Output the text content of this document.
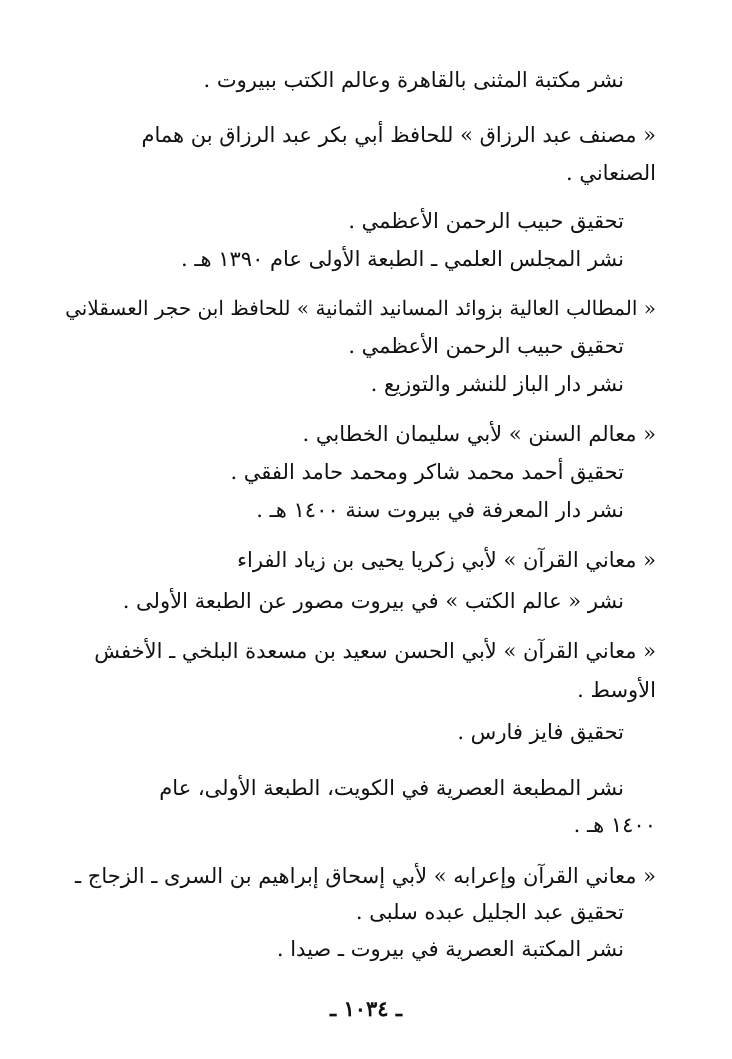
نشر مكتبة المثنى بالقاهرة وعالم الكتب ببيروت .
« مصنف عبد الرزاق » للحافظ أبي بكر عبد الرزاق بن همام
الصنعاني .
تحقيق حبيب الرحمن الأعظمي .
نشر المجلس العلمي ـ الطبعة الأولى عام ١٣٩٠ هـ .
« المطالب العالية بزوائد المسانيد الثمانية » للحافظ ابن حجر العسقلاني
تحقيق حبيب الرحمن الأعظمي .
نشر دار الباز للنشر والتوزيع .
« معالم السنن » لأبي سليمان الخطابي .
تحقيق أحمد محمد شاكر ومحمد حامد الفقي .
نشر دار المعرفة في بيروت سنة ١٤٠٠ هـ .
« معاني القرآن » لأبي زكريا يحيى بن زياد الفراء
نشر « عالم الكتب » في بيروت مصور عن الطبعة الأولى .
« معاني القرآن » لأبي الحسن سعيد بن مسعدة البلخي ـ الأخفش
الأوسط .
تحقيق فايز فارس .
نشر المطبعة العصرية في الكويت، الطبعة الأولى، عام
١٤٠٠ هـ .
« معاني القرآن وإعرابه » لأبي إسحاق إبراهيم بن السرى ـ الزجاج ـ
تحقيق عبد الجليل عبده سلبى .
نشر المكتبة العصرية في بيروت ـ صيدا .
ـ ١٠٣٤ ـ
